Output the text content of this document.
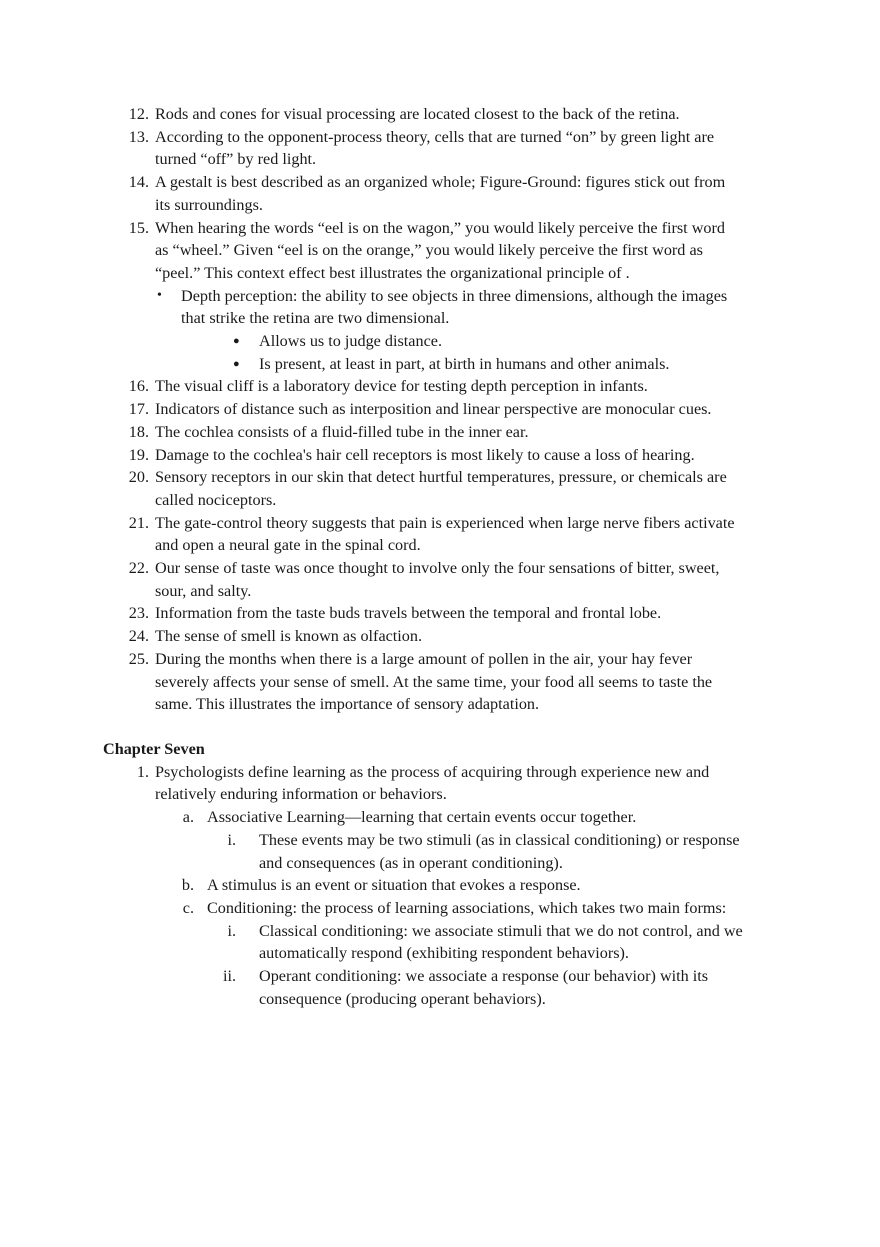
12. Rods and cones for visual processing are located closest to the back of the retina.
13. According to the opponent-process theory, cells that are turned “on” by green light are
turned “off” by red light.
14. A gestalt is best described as an organized whole; Figure-Ground: figures stick out from
its surroundings.
15. When hearing the words “eel is on the wagon,” you would likely perceive the first word
as “wheel.” Given “eel is on the orange,” you would likely perceive the first word as
“peel.” This context effect best illustrates the organizational principle of .
• Depth perception: the ability to see objects in three dimensions, although the images
that strike the retina are two dimensional.
● Allows us to judge distance.
● Is present, at least in part, at birth in humans and other animals.
16. The visual cliff is a laboratory device for testing depth perception in infants.
17. Indicators of distance such as interposition and linear perspective are monocular cues.
18. The cochlea consists of a fluid-filled tube in the inner ear.
19. Damage to the cochlea's hair cell receptors is most likely to cause a loss of hearing.
20. Sensory receptors in our skin that detect hurtful temperatures, pressure, or chemicals are
called nociceptors.
21. The gate-control theory suggests that pain is experienced when large nerve fibers activate
and open a neural gate in the spinal cord.
22. Our sense of taste was once thought to involve only the four sensations of bitter, sweet,
sour, and salty.
23. Information from the taste buds travels between the temporal and frontal lobe.
24. The sense of smell is known as olfaction.
25. During the months when there is a large amount of pollen in the air, your hay fever
severely affects your sense of smell. At the same time, your food all seems to taste the
same. This illustrates the importance of sensory adaptation.
Chapter Seven
1. Psychologists define learning as the process of acquiring through experience new and
relatively enduring information or behaviors.
a. Associative Learning—learning that certain events occur together.
i. These events may be two stimuli (as in classical conditioning) or response
and consequences (as in operant conditioning).
b. A stimulus is an event or situation that evokes a response.
c. Conditioning: the process of learning associations, which takes two main forms:
i. Classical conditioning: we associate stimuli that we do not control, and we
automatically respond (exhibiting respondent behaviors).
ii. Operant conditioning: we associate a response (our behavior) with its
consequence (producing operant behaviors).
